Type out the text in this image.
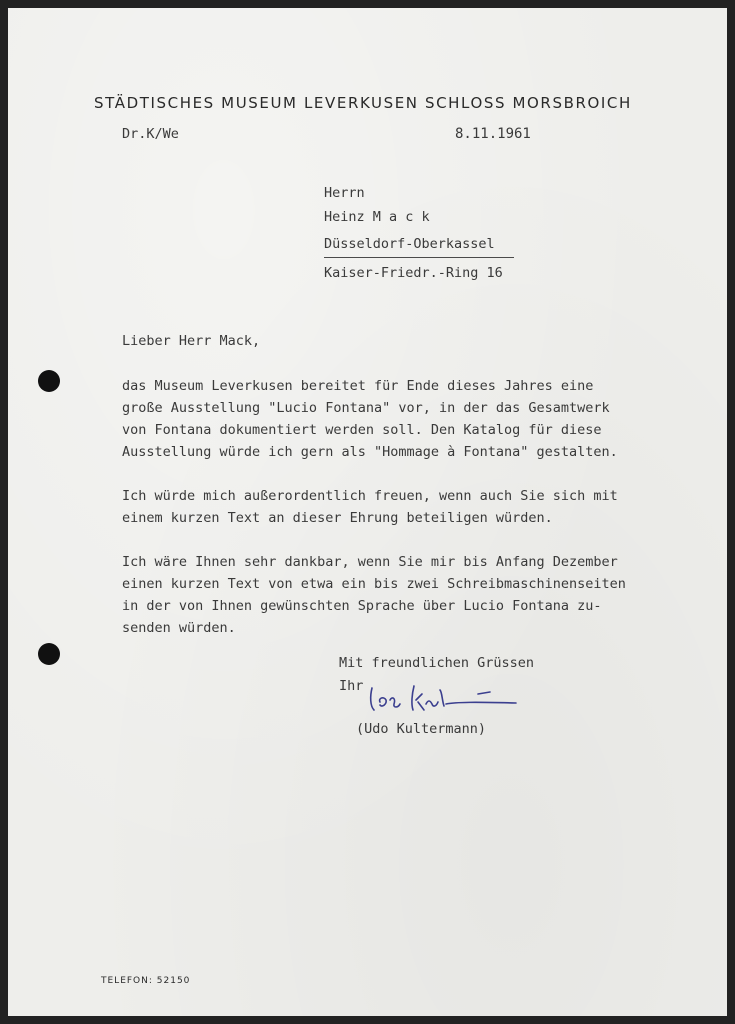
STÄDTISCHES MUSEUM LEVERKUSEN SCHLOSS MORSBROICH
Dr.K/We	8.11.1961
Herrn
Heinz M a c k
Düsseldorf-Oberkassel
Kaiser-Friedr.-Ring 16
Lieber Herr Mack,
das Museum Leverkusen bereitet für Ende dieses Jahres eine
große Ausstellung "Lucio Fontana" vor, in der das Gesamtwerk
von Fontana dokumentiert werden soll. Den Katalog für diese
Ausstellung würde ich gern als "Hommage à Fontana" gestalten.
Ich würde mich außerordentlich freuen, wenn auch Sie sich mit
einem kurzen Text an dieser Ehrung beteiligen würden.
Ich wäre Ihnen sehr dankbar, wenn Sie mir bis Anfang Dezember
einen kurzen Text von etwa ein bis zwei Schreibmaschinenseiten
in der von Ihnen gewünschten Sprache über Lucio Fontana zu-
senden würden.
Mit freundlichen Grüssen
Ihr
(Udo Kultermann)
TELEFON: 52150
